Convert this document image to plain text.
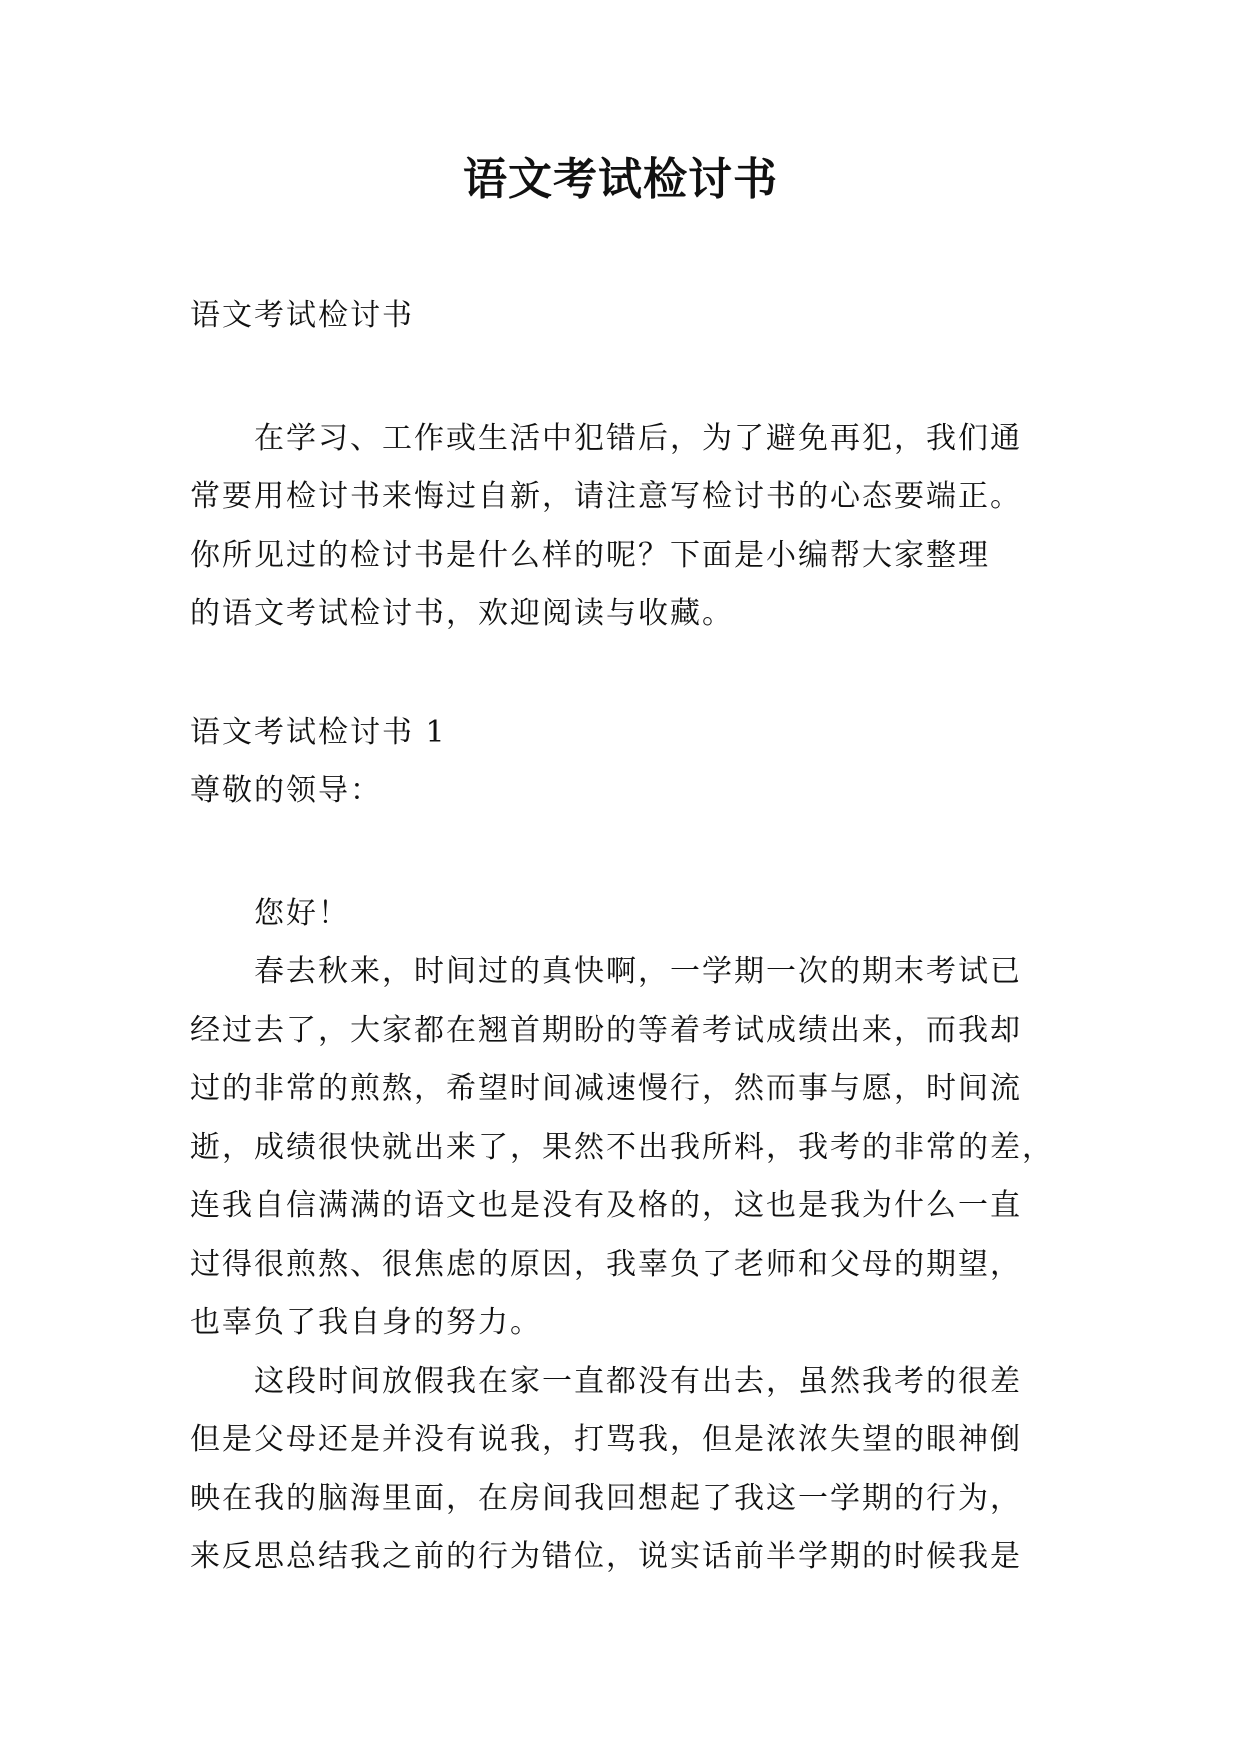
语文考试检讨书
语文考试检讨书
在学习、工作或生活中犯错后，为了避免再犯，我们通
常要用检讨书来悔过自新，请注意写检讨书的心态要端正。
你所见过的检讨书是什么样的呢？下面是小编帮大家整理
的语文考试检讨书，欢迎阅读与收藏。
语文考试检讨书 1
尊敬的领导：
您好！
春去秋来，时间过的真快啊，一学期一次的期末考试已
经过去了，大家都在翘首期盼的等着考试成绩出来，而我却
过的非常的煎熬，希望时间减速慢行，然而事与愿，时间流
逝，成绩很快就出来了，果然不出我所料，我考的非常的差，
连我自信满满的语文也是没有及格的，这也是我为什么一直
过得很煎熬、很焦虑的原因，我辜负了老师和父母的期望，
也辜负了我自身的努力。
这段时间放假我在家一直都没有出去，虽然我考的很差
但是父母还是并没有说我，打骂我，但是浓浓失望的眼神倒
映在我的脑海里面，在房间我回想起了我这一学期的行为，
来反思总结我之前的行为错位，说实话前半学期的时候我是
